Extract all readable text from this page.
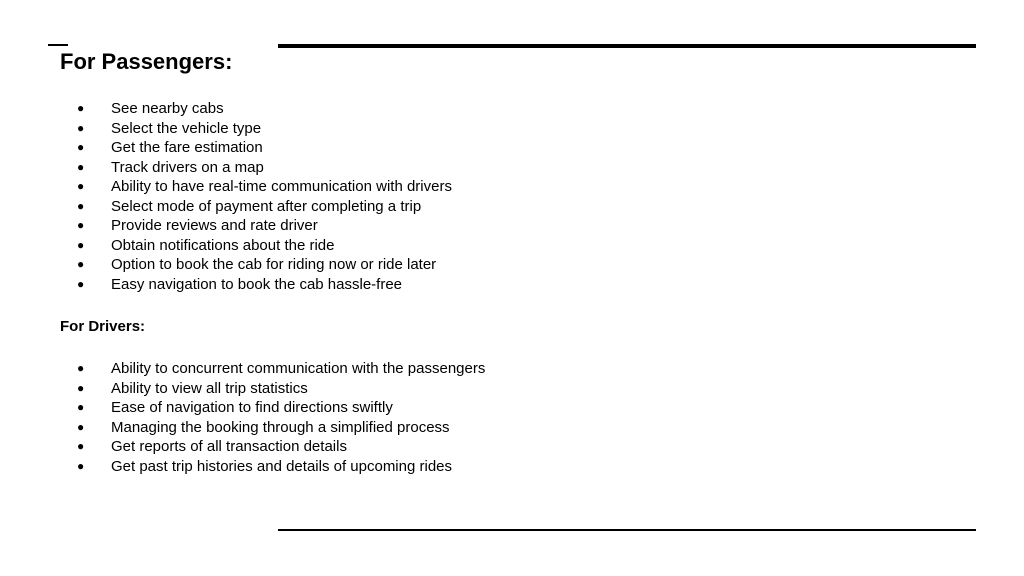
For Passengers:
● See nearby cabs
● Select the vehicle type
● Get the fare estimation
● Track drivers on a map
● Ability to have real-time communication with drivers
● Select mode of payment after completing a trip
● Provide reviews and rate driver
● Obtain notifications about the ride
● Option to book the cab for riding now or ride later
● Easy navigation to book the cab hassle-free
For Drivers:
● Ability to concurrent communication with the passengers
● Ability to view all trip statistics
● Ease of navigation to find directions swiftly
● Managing the booking through a simplified process
● Get reports of all transaction details
● Get past trip histories and details of upcoming rides
